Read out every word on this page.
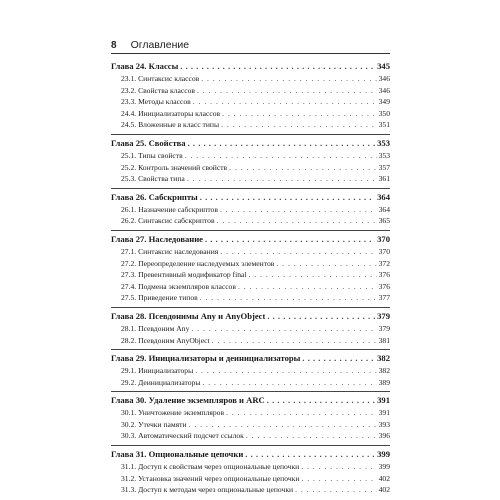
8 Оглавление
Глава 24. Классы . . .	345
23.1. Синтаксис классов . . .	346
23.2. Свойства классов . . .	346
23.3. Методы классов . . .	349
24.4. Инициализаторы классов . . .	350
24.5. Вложенные в класс типы . . .	351
Глава 25. Свойства . . .	353
25.1. Типы свойств . . .	353
25.2. Контроль значений свойств . . .	357
25.3. Свойства типа . . .	361
Глава 26. Сабскрипты . . .	364
26.1. Назначение сабскриптов . . .	364
26.2. Синтаксис сабскриптов . . .	365
Глава 27. Наследование . . .	370
27.1. Синтаксис наследования . . .	370
27.2. Переопределение наследуемых элементов . . .	372
27.3. Превентивный модификатор final . . .	376
27.4. Подмена экземпляров классов . . .	376
27.5. Приведение типов . . .	377
Глава 28. Псевдонимы Any и AnyObject . . .	379
28.1. Псевдоним Any . . .	379
28.2. Псевдоним AnyObject . . .	381
Глава 29. Инициализаторы и деинициализаторы . . .	382
29.1. Инициализаторы . . .	382
29.2. Деинициализаторы . . .	389
Глава 30. Удаление экземпляров и ARC . . .	391
30.1. Уничтожение экземпляров . . .	391
30.2. Утечки памяти . . .	393
30.3. Автоматический подсчет ссылок . . .	396
Глава 31. Опциональные цепочки . . .	399
31.1. Доступ к свойствам через опциональные цепочки . . .	399
31.2. Установка значений через опциональные цепочки . . .	402
31.3. Доступ к методам через опциональные цепочки . . .	402
